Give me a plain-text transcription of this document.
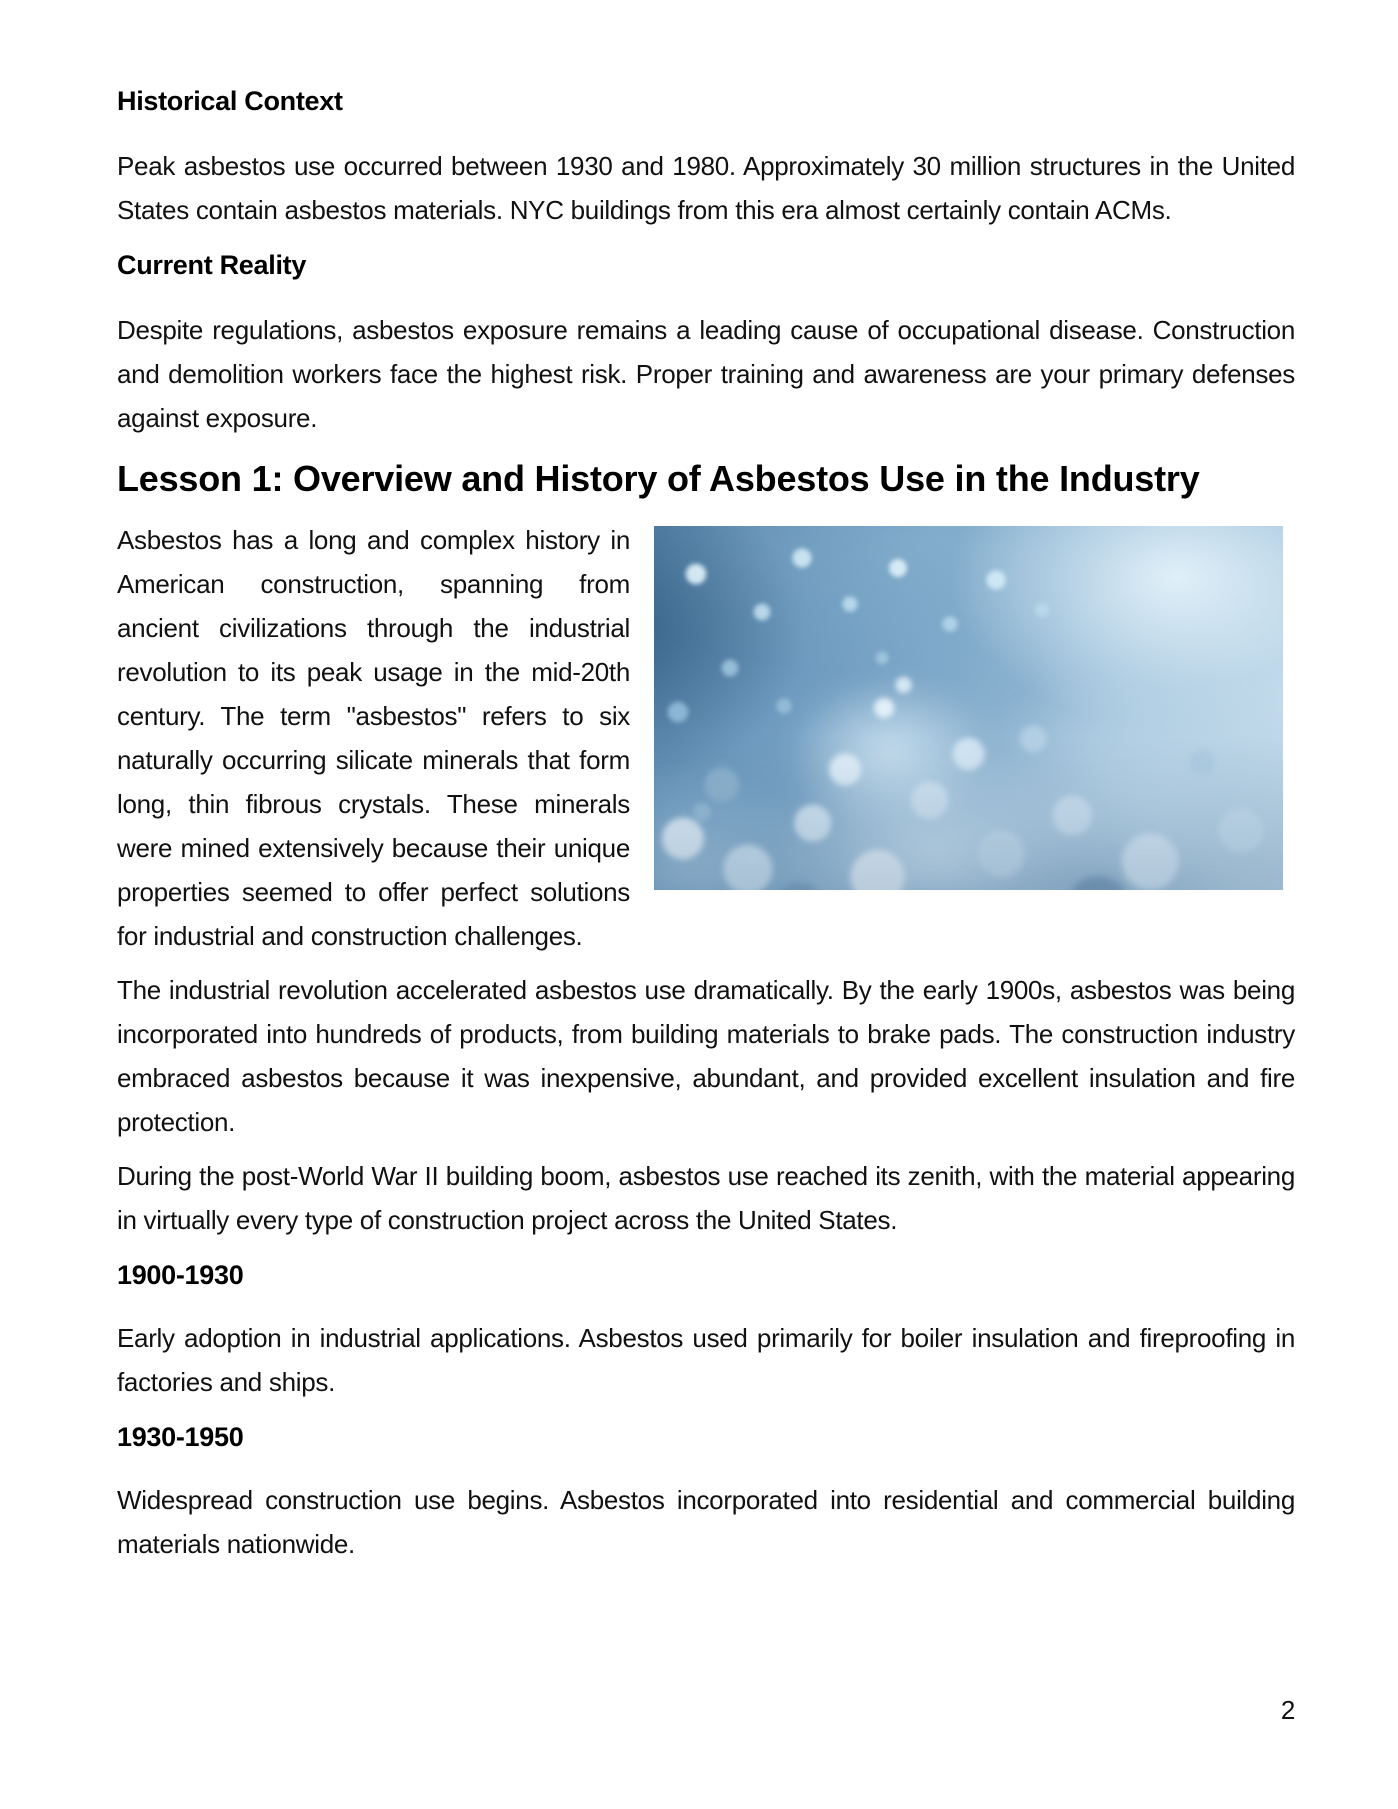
Historical Context

Peak asbestos use occurred between 1930 and 1980. Approximately 30 million structures in the United States contain asbestos materials. NYC buildings from this era almost certainly contain ACMs.

Current Reality

Despite regulations, asbestos exposure remains a leading cause of occupational disease. Construction and demolition workers face the highest risk. Proper training and awareness are your primary defenses against exposure.

Lesson 1: Overview and History of Asbestos Use in the Industry

Asbestos has a long and complex history in American construction, spanning from ancient civilizations through the industrial revolution to its peak usage in the mid-20th century. The term "asbestos" refers to six naturally occurring silicate minerals that form long, thin fibrous crystals. These minerals were mined extensively because their unique properties seemed to offer perfect solutions for industrial and construction challenges.

The industrial revolution accelerated asbestos use dramatically. By the early 1900s, asbestos was being incorporated into hundreds of products, from building materials to brake pads. The construction industry embraced asbestos because it was inexpensive, abundant, and provided excellent insulation and fire protection.

During the post-World War II building boom, asbestos use reached its zenith, with the material appearing in virtually every type of construction project across the United States.

1900-1930

Early adoption in industrial applications. Asbestos used primarily for boiler insulation and fireproofing in factories and ships.

1930-1950

Widespread construction use begins. Asbestos incorporated into residential and commercial building materials nationwide.

2
